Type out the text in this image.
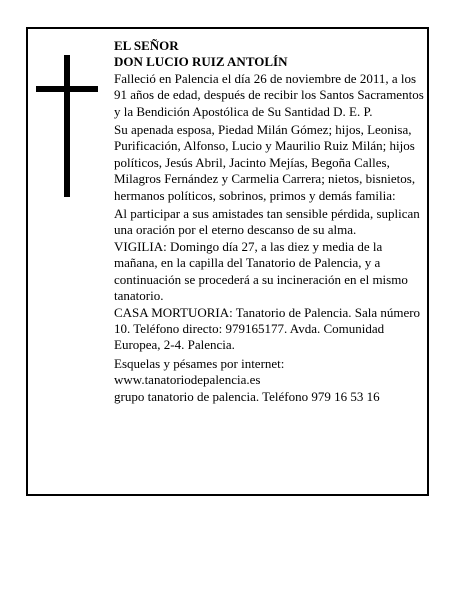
EL SEÑOR

DON LUCIO RUIZ ANTOLÍN

Falleció en Palencia el día 26 de noviembre de 2011, a los 91 años de edad, después de recibir los Santos Sacramentos y la Bendición Apostólica de Su Santidad D. E. P.

Su apenada esposa, Piedad Milán Gómez; hijos, Leonisa, Purificación, Alfonso, Lucio y Maurilio Ruiz Milán; hijos políticos, Jesús Abril, Jacinto Mejías, Begoña Calles, Milagros Fernández y Carmelia Carrera; nietos, bisnietos, hermanos políticos, sobrinos, primos y demás familia:

Al participar a sus amistades tan sensible pérdida, suplican una oración por el eterno descanso de su alma.

VIGILIA: Domingo día 27, a las diez y media de la mañana, en la capilla del Tanatorio de Palencia, y a continuación se procederá a su incineración en el mismo tanatorio.

CASA MORTUORIA: Tanatorio de Palencia. Sala número 10. Teléfono directo: 979165177. Avda. Comunidad Europea, 2-4. Palencia.

Esquelas y pésames por internet:

www.tanatoriodepalencia.es

grupo tanatorio de palencia. Teléfono 979 16 53 16
